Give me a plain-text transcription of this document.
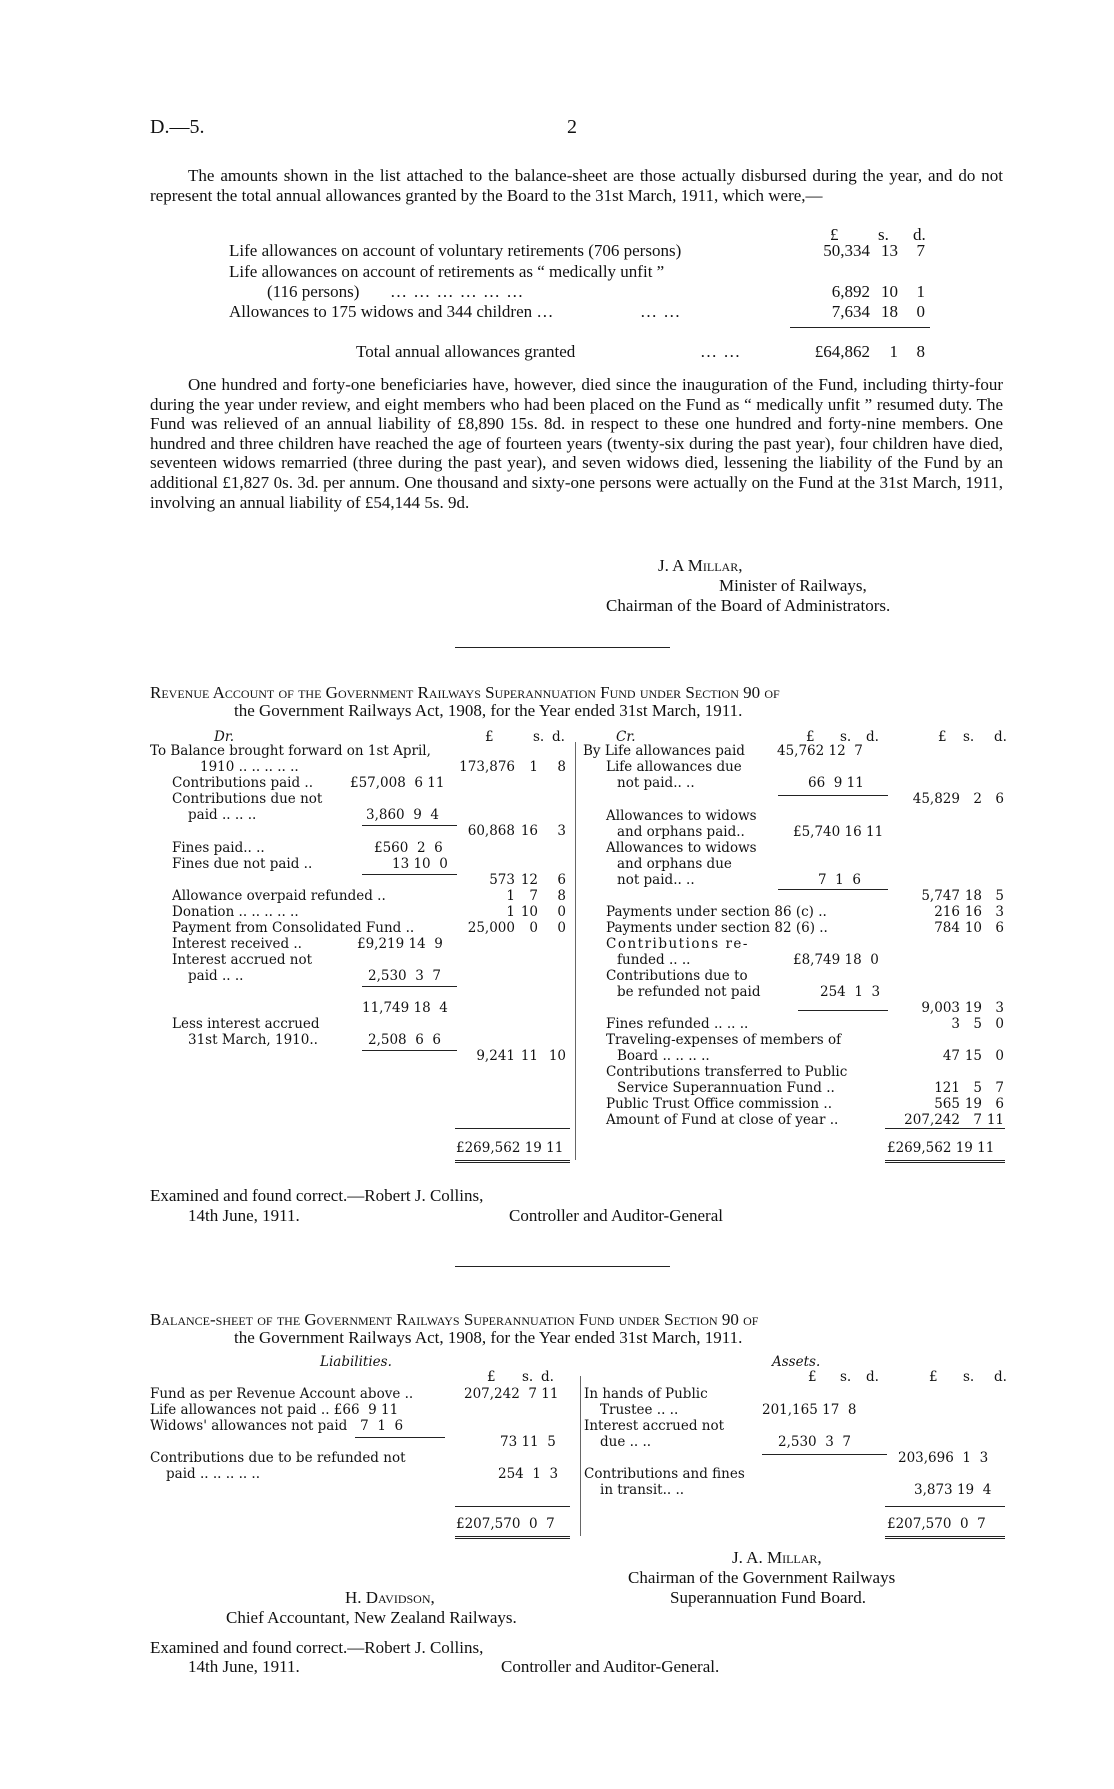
D.—5.	2

The amounts shown in the list attached to the balance-sheet are those actually disbursed during the year, and do not represent the total annual allowances granted by the Board to the 31st March, 1911, which were,—

£ s. d.
Life allowances on account of voluntary retirements (706 persons)	50,334 13	7
Life allowances on account of retirements as “ medically unfit ”
(116 persons) … … … … … …	6,892 10	1
Allowances to 175 widows and 344 children …	… …	7,634 18	0
Total annual allowances granted	… …	£64,862	1	8

One hundred and forty-one beneficiaries have, however, died since the inauguration of the Fund, including thirty-four during the year under review, and eight members who had been placed on the Fund as “ medically unfit ” resumed duty. The Fund was relieved of an annual liability of £8,890 15s. 8d. in respect to these one hundred and forty-nine members. One hundred and three children have reached the age of fourteen years (twenty-six during the past year), four children have died, seventeen widows remarried (three during the past year), and seven widows died, lessening the liability of the Fund by an additional £1,827 0s. 3d. per annum. One thousand and sixty-one persons were actually on the Fund at the 31st March, 1911, involving an annual liability of £54,144 5s. 9d.

J. A Millar,
Minister of Railways,
Chairman of the Board of Administrators.
Revenue Account of the Government Railways Superannuation Fund under Section 90 of
the Government Railways Act, 1908, for the Year ended 31st March, 1911.
Dr.	£	s. d.	Cr.	£ s. d.	£ s. d.
To Balance brought forward on 1st April,
1910 .. .. .. .. ..	173,876	1	8
Contributions paid ..	£57,008  6 11
Contributions due not
paid .. .. ..	3,860  9  4
60,868 16	3
Fines paid.. ..	£560  2  6
Fines due not paid ..	13 10  0
573 12	6
Allowance overpaid refunded ..	1	7	8
Donation .. .. .. .. ..	1 10	0
Payment from Consolidated Fund ..	25,000	0	0
Interest received ..	£9,219 14  9
Interest accrued not
paid .. ..	2,530  3  7
11,749 18  4
Less interest accrued
31st March, 1910..	2,508  6  6
9,241 11 10
£269,562 19 11
By Life allowances paid 45,762 12  7
Life allowances due
not paid.. ..	66  9 11
45,829 2 6
Allowances to widows
and orphans paid..	£5,740 16 11
Allowances to widows
and orphans due
not paid.. ..	7  1  6
5,747 18 5
Payments under section 86 (c) ..	216 16 3
Payments under section 82 (6) ..	784 10 6
Contributions re-
funded .. ..	£8,749 18  0
Contributions due to
be refunded not paid	254  1  3
9,003 19 3
Fines refunded .. .. ..	3 5 0
Traveling-expenses of members of
Board .. .. .. ..	47 15 0
Contributions transferred to Public
Service Superannuation Fund ..	121 5 7
Public Trust Office commission ..	565 19 6
Amount of Fund at close of year ..	207,242 7 11
£269,562 19 11
Examined and found correct.—Robert J. Collins,
14th June, 1911.	Controller and Auditor-General
Balance-sheet of the Government Railways Superannuation Fund under Section 90 of
the Government Railways Act, 1908, for the Year ended 31st March, 1911.
Liabilities.	Assets.
£ s. d.	£ s. d.	£ s. d.
Fund as per Revenue Account above ..	207,242  7 11
Life allowances not paid .. £66  9 11
Widows' allowances not paid   7  1  6
73 11  5
Contributions due to be refunded not
paid .. .. .. .. ..	254  1  3
In hands of Public
Trustee .. ..	201,165 17  8
Interest accrued not
due .. ..	2,530  3  7
203,696  1  3
Contributions and fines
in transit.. ..	3,873 19  4
£207,570  0  7	£207,570  0  7
J. A. Millar,
Chairman of the Government Railways
Superannuation Fund Board.
H. Davidson,
Chief Accountant, New Zealand Railways.
Examined and found correct.—Robert J. Collins,
14th June, 1911.	Controller and Auditor-General.
